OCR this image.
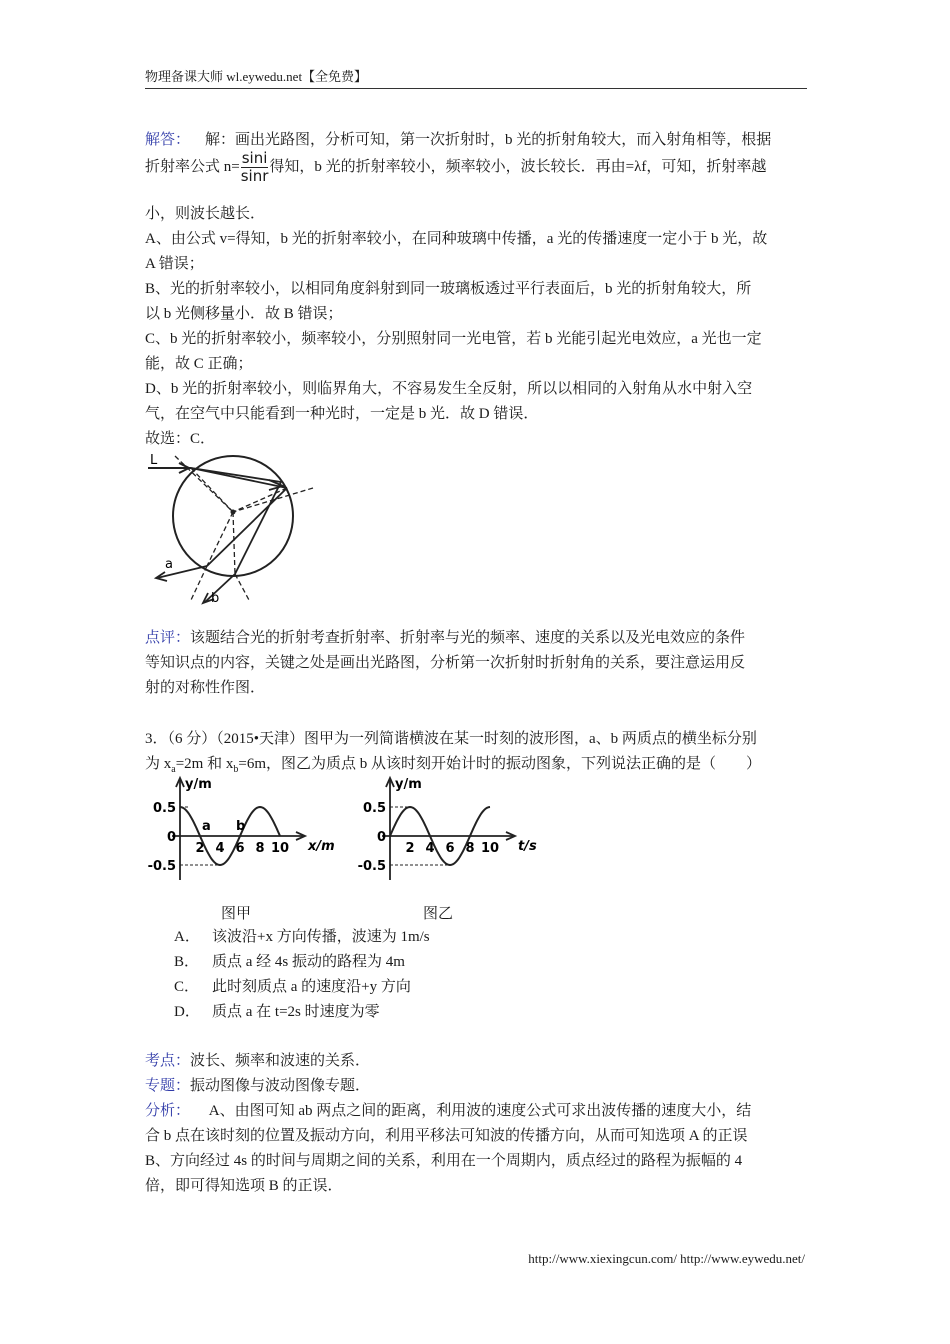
物理备课大师 wl.eywedu.net【全免费】
解答： 解：画出光路图，分析可知，第一次折射时，b 光的折射角较大，而入射角相等，根据
折射率公式 $n= \frac{\sin i}{\sin r}$ 得知，b 光的折射率较小，频率较小，波长较长．再由=λf，可知，折射率越
小，则波长越长．
A、由公式 v=得知，b 光的折射率较小，在同种玻璃中传播，a 光的传播速度一定小于 b 光，故
A 错误；
B、光的折射率较小，以相同角度斜射到同一玻璃板透过平行表面后，b 光的折射角较大，所
以 b 光侧移量小．故 B 错误；
C、b 光的折射率较小，频率较小，分别照射同一光电管，若 b 光能引起光电效应，a 光也一定
能，故 C 正确；
D、b 光的折射率较小，则临界角大，不容易发生全反射，所以以相同的入射角从水中射入空
气，在空气中只能看到一种光时，一定是 b 光．故 D 错误．
故选：C．
L
a
b
点评：该题结合光的折射考查折射率、折射率与光的频率、速度的关系以及光电效应的条件
等知识点的内容，关键之处是画出光路图，分析第一次折射时折射角的关系，要注意运用反
射的对称性作图．
3．（6 分）（2015•天津）图甲为一列简谐横波在某一时刻的波形图，a、b 两质点的横坐标分别
为 $x_a=2m$ 和 $x_b=6m$，图乙为质点 b 从该时刻开始计时的振动图象，下列说法正确的是（　　）
y/m
x/m
0.5
0
-0.5
2 4 6 8 10
a b
y/m
t/s
0.5
0
-0.5
2 4 6 8 10
图甲	图乙
A． 该波沿+x 方向传播，波速为 1m/s
B． 质点 a 经 4s 振动的路程为 4m
C． 此时刻质点 a 的速度沿+y 方向
D． 质点 a 在 t=2s 时速度为零
考点：波长、频率和波速的关系．
专题：振动图像与波动图像专题．
分析： A、由图可知 ab 两点之间的距离，利用波的速度公式可求出波传播的速度大小，结
合 b 点在该时刻的位置及振动方向，利用平移法可知波的传播方向，从而可知选项 A 的正误
B、方向经过 4s 的时间与周期之间的关系，利用在一个周期内，质点经过的路程为振幅的 4
倍，即可得知选项 B 的正误．
http://www.xiexingcun.com/ http://www.eywedu.net/
